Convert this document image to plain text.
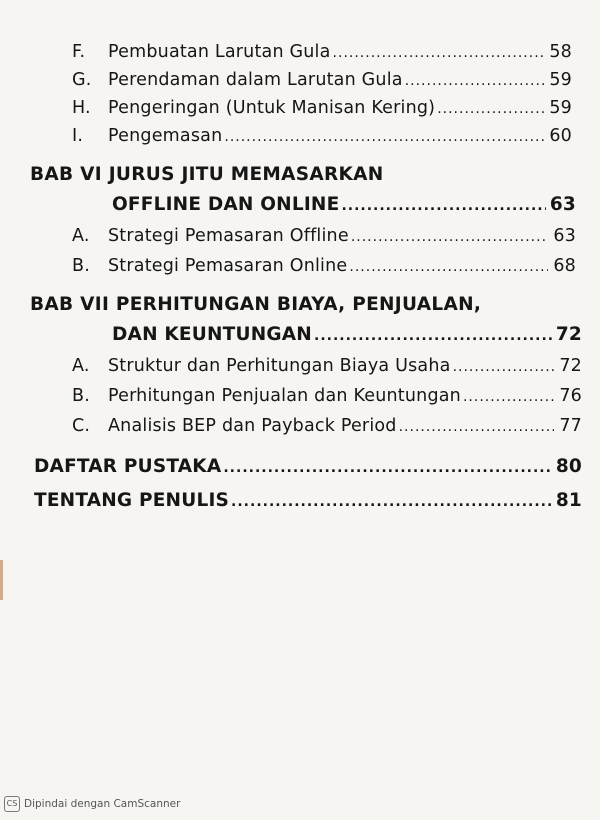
F.	Pembuatan Larutan Gula .....	58
G. Perendaman dalam Larutan Gula .....	59
H. Pengeringan (Untuk Manisan Kering) .....	59
I.	Pengemasan .....	60
BAB VI JURUS JITU MEMASARKAN
OFFLINE DAN ONLINE .....	63
A.	Strategi Pemasaran Offline .....	63
B.	Strategi Pemasaran Online .....	68
BAB VII PERHITUNGAN BIAYA, PENJUALAN,
DAN KEUNTUNGAN .....	72
A.	Struktur dan Perhitungan Biaya Usaha .....	72
B.	Perhitungan Penjualan dan Keuntungan .....	76
C.	Analisis BEP dan Payback Period .....	77
DAFTAR PUSTAKA .....	80
TENTANG PENULIS .....	81
CS Dipindai dengan CamScanner
